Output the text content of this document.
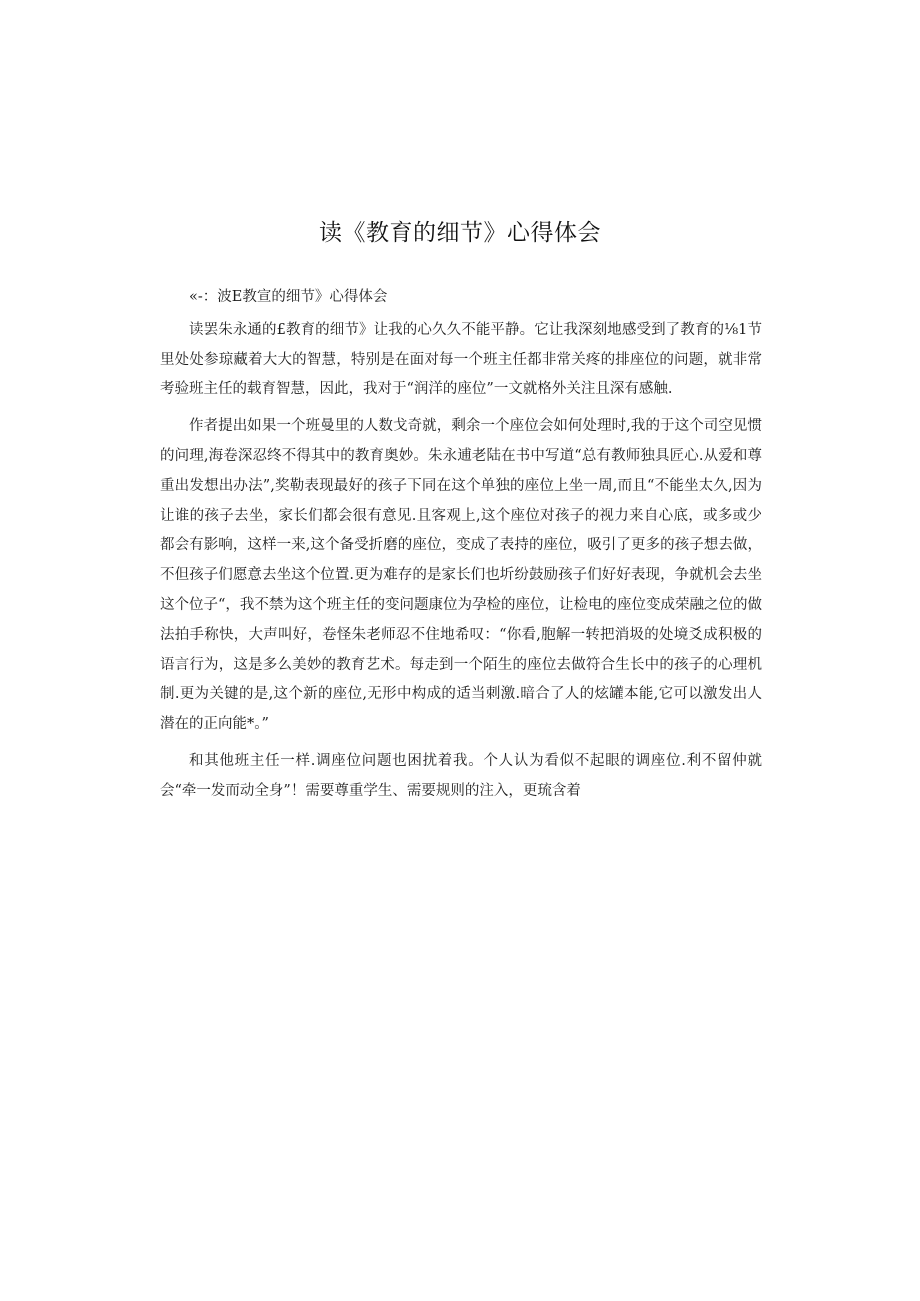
读《教育的细节》心得体会

«-：波E教宣的细节》心得体会

读罢朱永通的£教育的细节》让我的心久久不能平静。它让我深刻地感受到了教育的⅛1节里处处参琼藏着大大的智慧，特别是在面对每一个班主任都非常关疼的排座位的问题，就非常考验班主任的载育智慧，因此，我对于“润洋的座位”一文就格外关注且深有感触.

作者提出如果一个班曼里的人数戈奇就，剩余一个座位会如何处理时,我的于这个司空见惯的问理,海卷深忍终不得其中的教育奥妙。朱永逋老陆在书中写道“总有教师独具匠心.从爱和尊重出发想出办法”,奖勒表现最好的孩子下同在这个单独的座位上坐一周,而且“不能坐太久,因为让谁的孩子去坐，家长们都会很有意见.且客观上,这个座位对孩子的视力来自心底，或多或少都会有影响，这样一来,这个备受折磨的座位，变成了表持的座位，吸引了更多的孩子想去做，不但孩子们愿意去坐这个位置.更为难存的是家长们也圻纷鼓励孩子们好好表现，争就机会去坐这个位子“，我不禁为这个班主任的变问题康位为孕检的座位，让检电的座位变成荣融之位的做法拍手称快，大声叫好，卷怪朱老师忍不住地希叹：“你看,胞解一转把消圾的处境爻成积极的语言行为，这是多么美妙的教育艺术。每走到一个陌生的座位去做符合生长中的孩子的心理机制.更为关键的是,这个新的座位,无形中构成的适当刺激.暗合了人的炫罐本能,它可以激发出人潜在的正向能*。”

和其他班主任一样.调座位问题也困扰着我。个人认为看似不起眼的调座位.利不留仲就会“牵一发而动全身”！需要尊重学生、需要规则的注入，更琉含着
